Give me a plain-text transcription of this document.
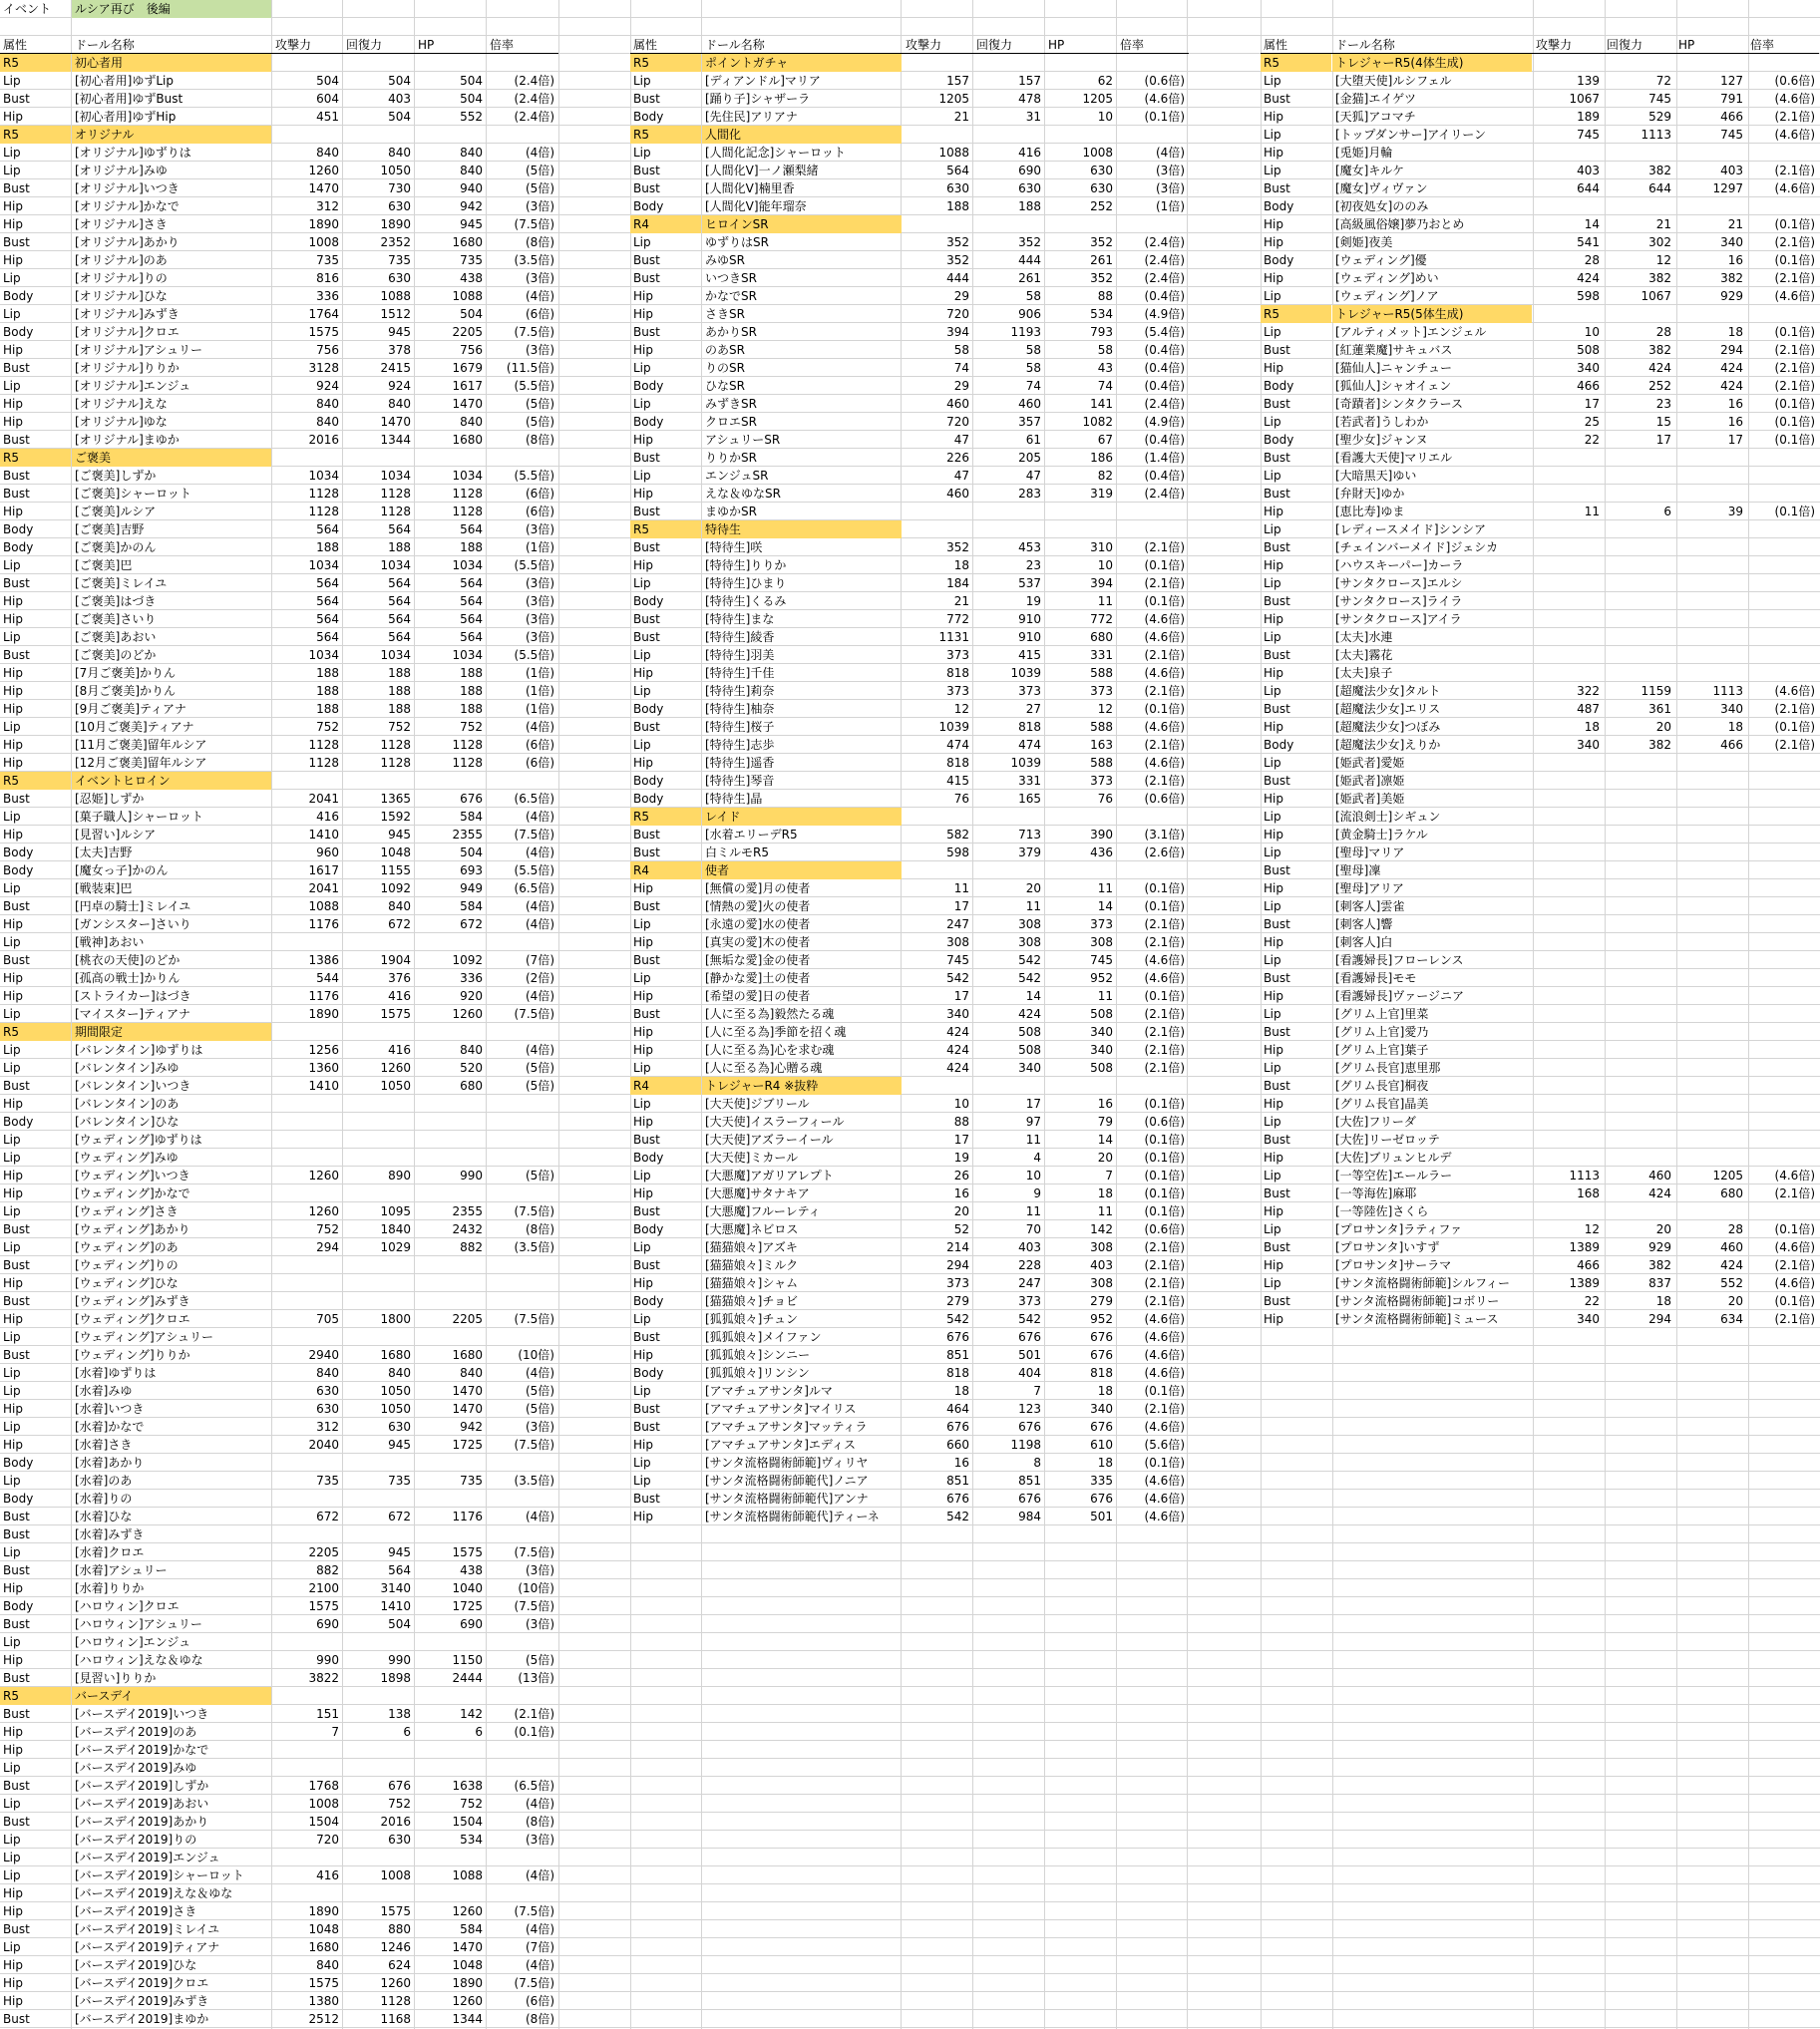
イベント	ルシア再び　後編
属性	ドール名称	攻撃力	回復力	HP	倍率
R5	初心者用
Lip	[初心者用]ゆずLip	504	504	504	(2.4倍)
Bust	[初心者用]ゆずBust	604	403	504	(2.4倍)
Hip	[初心者用]ゆずHip	451	504	552	(2.4倍)
R5	オリジナル
Lip	[オリジナル]ゆずりは	840	840	840	(4倍)
Lip	[オリジナル]みゆ	1260	1050	840	(5倍)
Bust	[オリジナル]いつき	1470	730	940	(5倍)
Hip	[オリジナル]かなで	312	630	942	(3倍)
Hip	[オリジナル]さき	1890	1890	945	(7.5倍)
Bust	[オリジナル]あかり	1008	2352	1680	(8倍)
Hip	[オリジナル]のあ	735	735	735	(3.5倍)
Lip	[オリジナル]りの	816	630	438	(3倍)
Body	[オリジナル]ひな	336	1088	1088	(4倍)
Lip	[オリジナル]みずき	1764	1512	504	(6倍)
Body	[オリジナル]クロエ	1575	945	2205	(7.5倍)
Hip	[オリジナル]アシュリー	756	378	756	(3倍)
Bust	[オリジナル]りりか	3128	2415	1679	(11.5倍)
Lip	[オリジナル]エンジュ	924	924	1617	(5.5倍)
Hip	[オリジナル]えな	840	840	1470	(5倍)
Hip	[オリジナル]ゆな	840	1470	840	(5倍)
Bust	[オリジナル]まゆか	2016	1344	1680	(8倍)
R5	ご褒美
Bust	[ご褒美]しずか	1034	1034	1034	(5.5倍)
Bust	[ご褒美]シャーロット	1128	1128	1128	(6倍)
Hip	[ご褒美]ルシア	1128	1128	1128	(6倍)
Body	[ご褒美]吉野	564	564	564	(3倍)
Body	[ご褒美]かのん	188	188	188	(1倍)
Lip	[ご褒美]巴	1034	1034	1034	(5.5倍)
Bust	[ご褒美]ミレイユ	564	564	564	(3倍)
Hip	[ご褒美]はづき	564	564	564	(3倍)
Hip	[ご褒美]さいり	564	564	564	(3倍)
Lip	[ご褒美]あおい	564	564	564	(3倍)
Bust	[ご褒美]のどか	1034	1034	1034	(5.5倍)
Hip	[7月ご褒美]かりん	188	188	188	(1倍)
Hip	[8月ご褒美]かりん	188	188	188	(1倍)
Hip	[9月ご褒美]ティアナ	188	188	188	(1倍)
Lip	[10月ご褒美]ティアナ	752	752	752	(4倍)
Hip	[11月ご褒美]留年ルシア	1128	1128	1128	(6倍)
Hip	[12月ご褒美]留年ルシア	1128	1128	1128	(6倍)
R5	イベントヒロイン
Bust	[忍姫]しずか	2041	1365	676	(6.5倍)
Lip	[菓子職人]シャーロット	416	1592	584	(4倍)
Hip	[見習い]ルシア	1410	945	2355	(7.5倍)
Body	[太夫]吉野	960	1048	504	(4倍)
Body	[魔女っ子]かのん	1617	1155	693	(5.5倍)
Lip	[戦装束]巴	2041	1092	949	(6.5倍)
Bust	[円卓の騎士]ミレイユ	1088	840	584	(4倍)
Hip	[ガンシスター]さいり	1176	672	672	(4倍)
Lip	[戦神]あおい
Bust	[桃衣の天使]のどか	1386	1904	1092	(7倍)
Hip	[孤高の戦士]かりん	544	376	336	(2倍)
Hip	[ストライカー]はづき	1176	416	920	(4倍)
Lip	[マイスター]ティアナ	1890	1575	1260	(7.5倍)
R5	期間限定
Lip	[バレンタイン]ゆずりは	1256	416	840	(4倍)
Lip	[バレンタイン]みゆ	1360	1260	520	(5倍)
Bust	[バレンタイン]いつき	1410	1050	680	(5倍)
Hip	[バレンタイン]のあ
Body	[バレンタイン]ひな
Lip	[ウェディング]ゆずりは
Lip	[ウェディング]みゆ
Hip	[ウェディング]いつき	1260	890	990	(5倍)
Hip	[ウェディング]かなで
Lip	[ウェディング]さき	1260	1095	2355	(7.5倍)
Bust	[ウェディング]あかり	752	1840	2432	(8倍)
Lip	[ウェディング]のあ	294	1029	882	(3.5倍)
Bust	[ウェディング]りの
Hip	[ウェディング]ひな
Bust	[ウェディング]みずき
Hip	[ウェディング]クロエ	705	1800	2205	(7.5倍)
Lip	[ウェディング]アシュリー
Bust	[ウェディング]りりか	2940	1680	1680	(10倍)
Lip	[水着]ゆずりは	840	840	840	(4倍)
Lip	[水着]みゆ	630	1050	1470	(5倍)
Hip	[水着]いつき	630	1050	1470	(5倍)
Lip	[水着]かなで	312	630	942	(3倍)
Hip	[水着]さき	2040	945	1725	(7.5倍)
Body	[水着]あかり
Lip	[水着]のあ	735	735	735	(3.5倍)
Body	[水着]りの
Bust	[水着]ひな	672	672	1176	(4倍)
Bust	[水着]みずき
Lip	[水着]クロエ	2205	945	1575	(7.5倍)
Bust	[水着]アシュリー	882	564	438	(3倍)
Hip	[水着]りりか	2100	3140	1040	(10倍)
Body	[ハロウィン]クロエ	1575	1410	1725	(7.5倍)
Bust	[ハロウィン]アシュリー	690	504	690	(3倍)
Lip	[ハロウィン]エンジュ
Hip	[ハロウィン]えな＆ゆな	990	990	1150	(5倍)
Bust	[見習い]りりか	3822	1898	2444	(13倍)
R5	バースデイ
Bust	[バースデイ2019]いつき	151	138	142	(2.1倍)
Hip	[バースデイ2019]のあ	7	6	6	(0.1倍)
Hip	[バースデイ2019]かなで
Lip	[バースデイ2019]みゆ
Bust	[バースデイ2019]しずか	1768	676	1638	(6.5倍)
Lip	[バースデイ2019]あおい	1008	752	752	(4倍)
Bust	[バースデイ2019]あかり	1504	2016	1504	(8倍)
Lip	[バースデイ2019]りの	720	630	534	(3倍)
Lip	[バースデイ2019]エンジュ
Lip	[バースデイ2019]シャーロット	416	1008	1088	(4倍)
Hip	[バースデイ2019]えな＆ゆな
Hip	[バースデイ2019]さき	1890	1575	1260	(7.5倍)
Bust	[バースデイ2019]ミレイユ	1048	880	584	(4倍)
Lip	[バースデイ2019]ティアナ	1680	1246	1470	(7倍)
Hip	[バースデイ2019]ひな	840	624	1048	(4倍)
Hip	[バースデイ2019]クロエ	1575	1260	1890	(7.5倍)
Hip	[バースデイ2019]みずき	1380	1128	1260	(6倍)
Bust	[バースデイ2019]まゆか	2512	1168	1344	(8倍)
属性	ドール名称	攻撃力	回復力	HP	倍率
R5	ポイントガチャ
Lip	[ディアンドル]マリア	157	157	62	(0.6倍)
Bust	[踊り子]シャザーラ	1205	478	1205	(4.6倍)
Body	[先住民]アリアナ	21	31	10	(0.1倍)
R5	人間化
Lip	[人間化記念]シャーロット	1088	416	1008	(4倍)
Bust	[人間化V]一ノ瀬梨緒	564	690	630	(3倍)
Bust	[人間化V]楠里香	630	630	630	(3倍)
Body	[人間化V]能年瑠奈	188	188	252	(1倍)
R4	ヒロインSR
Lip	ゆずりはSR	352	352	352	(2.4倍)
Bust	みゆSR	352	444	261	(2.4倍)
Bust	いつきSR	444	261	352	(2.4倍)
Hip	かなでSR	29	58	88	(0.4倍)
Hip	さきSR	720	906	534	(4.9倍)
Bust	あかりSR	394	1193	793	(5.4倍)
Hip	のあSR	58	58	58	(0.4倍)
Lip	りのSR	74	58	43	(0.4倍)
Body	ひなSR	29	74	74	(0.4倍)
Lip	みずきSR	460	460	141	(2.4倍)
Body	クロエSR	720	357	1082	(4.9倍)
Hip	アシュリーSR	47	61	67	(0.4倍)
Bust	りりかSR	226	205	186	(1.4倍)
Lip	エンジュSR	47	47	82	(0.4倍)
Hip	えな＆ゆなSR	460	283	319	(2.4倍)
Bust	まゆかSR
R5	特待生
Bust	[特待生]咲	352	453	310	(2.1倍)
Hip	[特待生]りりか	18	23	10	(0.1倍)
Lip	[特待生]ひまり	184	537	394	(2.1倍)
Body	[特待生]くるみ	21	19	11	(0.1倍)
Bust	[特待生]まな	772	910	772	(4.6倍)
Bust	[特待生]綾香	1131	910	680	(4.6倍)
Lip	[特待生]羽美	373	415	331	(2.1倍)
Hip	[特待生]千佳	818	1039	588	(4.6倍)
Lip	[特待生]莉奈	373	373	373	(2.1倍)
Body	[特待生]柚奈	12	27	12	(0.1倍)
Bust	[特待生]桜子	1039	818	588	(4.6倍)
Lip	[特待生]志歩	474	474	163	(2.1倍)
Hip	[特待生]遥香	818	1039	588	(4.6倍)
Body	[特待生]琴音	415	331	373	(2.1倍)
Body	[特待生]晶	76	165	76	(0.6倍)
R5	レイド
Bust	[水着エリーデR5	582	713	390	(3.1倍)
Bust	白ミルモR5	598	379	436	(2.6倍)
R4	使者
Hip	[無償の愛]月の使者	11	20	11	(0.1倍)
Bust	[情熱の愛]火の使者	17	11	14	(0.1倍)
Lip	[永遠の愛]水の使者	247	308	373	(2.1倍)
Hip	[真実の愛]木の使者	308	308	308	(2.1倍)
Bust	[無垢な愛]金の使者	745	542	745	(4.6倍)
Lip	[静かな愛]土の使者	542	542	952	(4.6倍)
Hip	[希望の愛]日の使者	17	14	11	(0.1倍)
Bust	[人に至る為]毅然たる魂	340	424	508	(2.1倍)
Hip	[人に至る為]季節を招く魂	424	508	340	(2.1倍)
Hip	[人に至る為]心を求む魂	424	508	340	(2.1倍)
Lip	[人に至る為]心贈る魂	424	340	508	(2.1倍)
R4	トレジャーR4 ※抜粋
Lip	[大天使]ジブリール	10	17	16	(0.1倍)
Hip	[大天使]イスラーフィール	88	97	79	(0.6倍)
Bust	[大天使]アズラーイール	17	11	14	(0.1倍)
Body	[大天使]ミカール	19	4	20	(0.1倍)
Lip	[大悪魔]アガリアレプト	26	10	7	(0.1倍)
Hip	[大悪魔]サタナキア	16	9	18	(0.1倍)
Bust	[大悪魔]フルーレティ	20	11	11	(0.1倍)
Body	[大悪魔]ネビロス	52	70	142	(0.6倍)
Lip	[猫猫娘々]アズキ	214	403	308	(2.1倍)
Bust	[猫猫娘々]ミルク	294	228	403	(2.1倍)
Hip	[猫猫娘々]シャム	373	247	308	(2.1倍)
Body	[猫猫娘々]チョビ	279	373	279	(2.1倍)
Lip	[狐狐娘々]チュン	542	542	952	(4.6倍)
Bust	[狐狐娘々]メイファン	676	676	676	(4.6倍)
Hip	[狐狐娘々]シンニー	851	501	676	(4.6倍)
Body	[狐狐娘々]リンシン	818	404	818	(4.6倍)
Lip	[アマチュアサンタ]ルマ	18	7	18	(0.1倍)
Bust	[アマチュアサンタ]マイリス	464	123	340	(2.1倍)
Bust	[アマチュアサンタ]マッティラ	676	676	676	(4.6倍)
Hip	[アマチュアサンタ]エディス	660	1198	610	(5.6倍)
Lip	[サンタ流格闘術師範]ヴィリヤ	16	8	18	(0.1倍)
Lip	[サンタ流格闘術師範代]ノニア	851	851	335	(4.6倍)
Bust	[サンタ流格闘術師範代]アンナ	676	676	676	(4.6倍)
Hip	[サンタ流格闘術師範代]ティーネ	542	984	501	(4.6倍)
属性	ドール名称	攻撃力	回復力	HP	倍率
R5	トレジャーR5(4体生成)
Lip	[大堕天使]ルシフェル	139	72	127	(0.6倍)
Bust	[金猫]エイゲツ	1067	745	791	(4.6倍)
Hip	[天狐]アコマチ	189	529	466	(2.1倍)
Lip	[トップダンサー]アイリーン	745	1113	745	(4.6倍)
Hip	[兎姫]月輪
Lip	[魔女]キルケ	403	382	403	(2.1倍)
Bust	[魔女]ヴィヴァン	644	644	1297	(4.6倍)
Body	[初夜処女]ののみ
Hip	[高級風俗嬢]夢乃おとめ	14	21	21	(0.1倍)
Hip	[剣姫]夜美	541	302	340	(2.1倍)
Body	[ウェディング]優	28	12	16	(0.1倍)
Hip	[ウェディング]めい	424	382	382	(2.1倍)
Lip	[ウェディング]ノア	598	1067	929	(4.6倍)
R5	トレジャーR5(5体生成)
Lip	[アルティメット]エンジェル	10	28	18	(0.1倍)
Bust	[紅蓮業魔]サキュバス	508	382	294	(2.1倍)
Hip	[猫仙人]ニャンチュー	340	424	424	(2.1倍)
Body	[狐仙人]シャオイェン	466	252	424	(2.1倍)
Bust	[奇蹟者]シンタクラース	17	23	16	(0.1倍)
Lip	[若武者]うしわか	25	15	16	(0.1倍)
Body	[聖少女]ジャンヌ	22	17	17	(0.1倍)
Bust	[看護大天使]マリエル
Lip	[大暗黒天]ゆい
Bust	[弁財天]ゆか
Hip	[恵比寿]ゆま	11	6	39	(0.1倍)
Lip	[レディースメイド]シンシア
Bust	[チェインバーメイド]ジェシカ
Hip	[ハウスキーパー]カーラ
Lip	[サンタクロース]エルシ
Bust	[サンタクロース]ライラ
Hip	[サンタクロース]アイラ
Lip	[太夫]水連
Bust	[太夫]霧花
Hip	[太夫]泉子
Lip	[超魔法少女]タルト	322	1159	1113	(4.6倍)
Bust	[超魔法少女]エリス	487	361	340	(2.1倍)
Hip	[超魔法少女]つぼみ	18	20	18	(0.1倍)
Body	[超魔法少女]えりか	340	382	466	(2.1倍)
Lip	[姫武者]愛姫
Bust	[姫武者]凛姫
Hip	[姫武者]美姫
Lip	[流浪剣士]シギュン
Hip	[黄金騎士]ラケル
Lip	[聖母]マリア
Bust	[聖母]凜
Hip	[聖母]アリア
Lip	[刺客人]雲雀
Bust	[刺客人]響
Hip	[刺客人]白
Lip	[看護婦長]フローレンス
Bust	[看護婦長]モモ
Hip	[看護婦長]ヴァージニア
Lip	[グリム上官]里菜
Bust	[グリム上官]愛乃
Hip	[グリム上官]葉子
Lip	[グリム長官]恵里那
Bust	[グリム長官]桐夜
Hip	[グリム長官]晶美
Lip	[大佐]フリーダ
Bust	[大佐]リーゼロッテ
Hip	[大佐]ブリュンヒルデ
Lip	[一等空佐]エールラー	1113	460	1205	(4.6倍)
Bust	[一等海佐]麻耶	168	424	680	(2.1倍)
Hip	[一等陸佐]さくら
Lip	[プロサンタ]ラティファ	12	20	28	(0.1倍)
Bust	[プロサンタ]いすず	1389	929	460	(4.6倍)
Hip	[プロサンタ]サーラマ	466	382	424	(2.1倍)
Lip	[サンタ流格闘術師範]シルフィー	1389	837	552	(4.6倍)
Bust	[サンタ流格闘術師範]コボリー	22	18	20	(0.1倍)
Hip	[サンタ流格闘術師範]ミュース	340	294	634	(2.1倍)
